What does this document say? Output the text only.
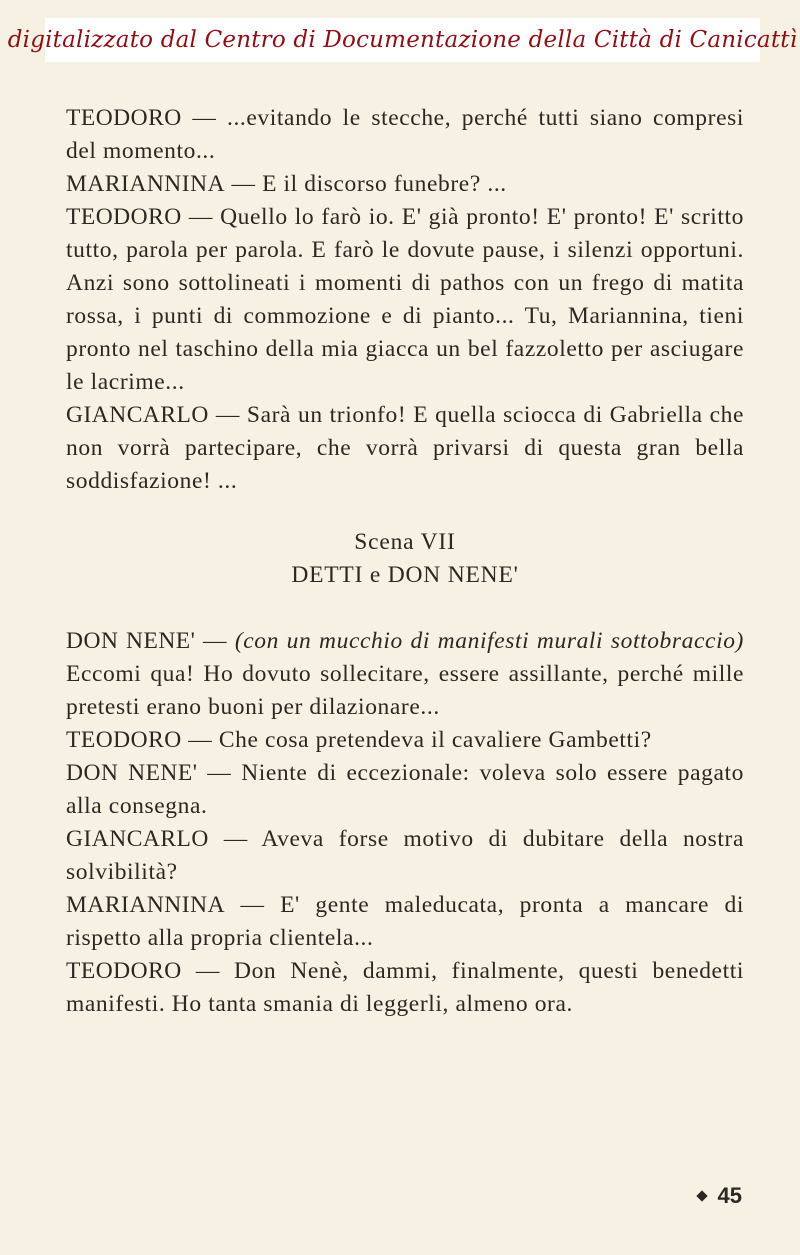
digitalizzato dal Centro di Documentazione della Città di Canicattì

TEODORO — ...evitando le stecche, perché tutti siano compresi del momento...

MARIANNINA — E il discorso funebre? ...

TEODORO — Quello lo farò io. E' già pronto! E' pronto! E' scritto tutto, parola per parola. E farò le dovute pause, i silenzi opportuni. Anzi sono sottolineati i momenti di pathos con un frego di matita rossa, i punti di commozione e di pianto... Tu, Mariannina, tieni pronto nel taschino della mia giacca un bel fazzoletto per asciugare le lacrime...

GIANCARLO — Sarà un trionfo! E quella sciocca di Gabriella che non vorrà partecipare, che vorrà privarsi di questa gran bella soddisfazione! ...

Scena VII
DETTI e DON NENE'

DON NENE' — (con un mucchio di manifesti murali sottobraccio) Eccomi qua! Ho dovuto sollecitare, essere assillante, perché mille pretesti erano buoni per dilazionare...

TEODORO — Che cosa pretendeva il cavaliere Gambetti?

DON NENE' — Niente di eccezionale: voleva solo essere pagato alla consegna.

GIANCARLO — Aveva forse motivo di dubitare della nostra solvibilità?

MARIANNINA — E' gente maleducata, pronta a mancare di rispetto alla propria clientela...

TEODORO — Don Nenè, dammi, finalmente, questi benedetti manifesti. Ho tanta smania di leggerli, almeno ora.

45
